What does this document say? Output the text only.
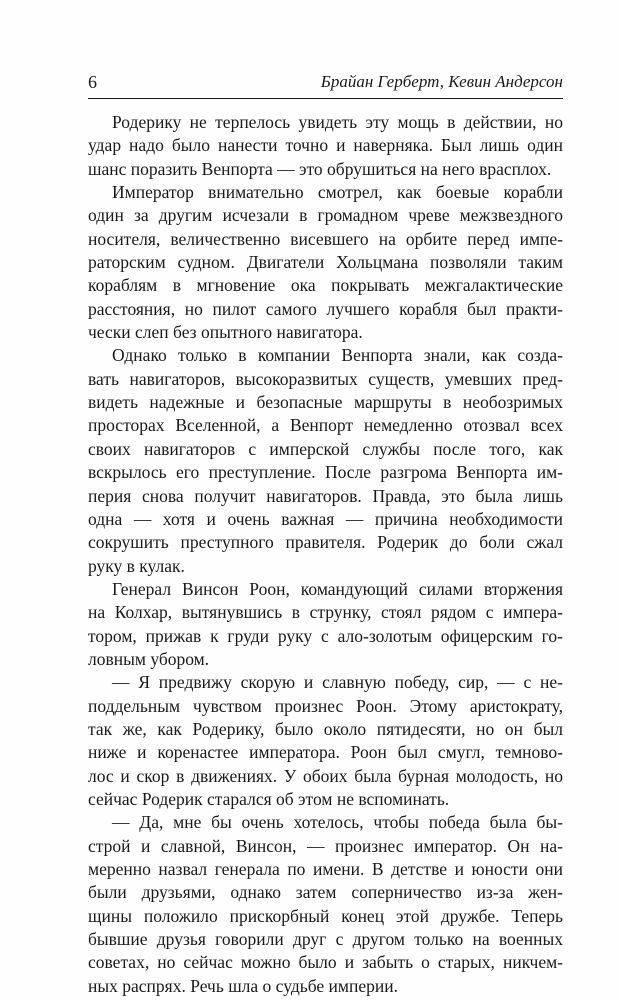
6	Брайан Герберт, Кевин Андерсон
Родерику не терпелось увидеть эту мощь в действии, но
удар надо было нанести точно и наверняка. Был лишь один
шанс поразить Венпорта — это обрушиться на него врасплох.
Император внимательно смотрел, как боевые корабли
один за другим исчезали в громадном чреве межзвездного
носителя, величественно висевшего на орбите перед импе-
раторским судном. Двигатели Хольцмана позволяли таким
кораблям в мгновение ока покрывать межгалактические
расстояния, но пилот самого лучшего корабля был практи-
чески слеп без опытного навигатора.
Однако только в компании Венпорта знали, как созда-
вать навигаторов, высокоразвитых существ, умевших пред-
видеть надежные и безопасные маршруты в необозримых
просторах Вселенной, а Венпорт немедленно отозвал всех
своих навигаторов с имперской службы после того, как
вскрылось его преступление. После разгрома Венпорта им-
перия снова получит навигаторов. Правда, это была лишь
одна — хотя и очень важная — причина необходимости
сокрушить преступного правителя. Родерик до боли сжал
руку в кулак.
Генерал Винсон Роон, командующий силами вторжения
на Колхар, вытянувшись в струнку, стоял рядом с импера-
тором, прижав к груди руку с ало-золотым офицерским го-
ловным убором.
— Я предвижу скорую и славную победу, сир, — с не-
поддельным чувством произнес Роон. Этому аристократу,
так же, как Родерику, было около пятидесяти, но он был
ниже и коренастее императора. Роон был смугл, темново-
лос и скор в движениях. У обоих была бурная молодость, но
сейчас Родерик старался об этом не вспоминать.
— Да, мне бы очень хотелось, чтобы победа была бы-
строй и славной, Винсон, — произнес император. Он на-
меренно назвал генерала по имени. В детстве и юности они
были друзьями, однако затем соперничество из-за жен-
щины положило прискорбный конец этой дружбе. Теперь
бывшие друзья говорили друг с другом только на военных
советах, но сейчас можно было и забыть о старых, никчем-
ных распрях. Речь шла о судьбе империи.
